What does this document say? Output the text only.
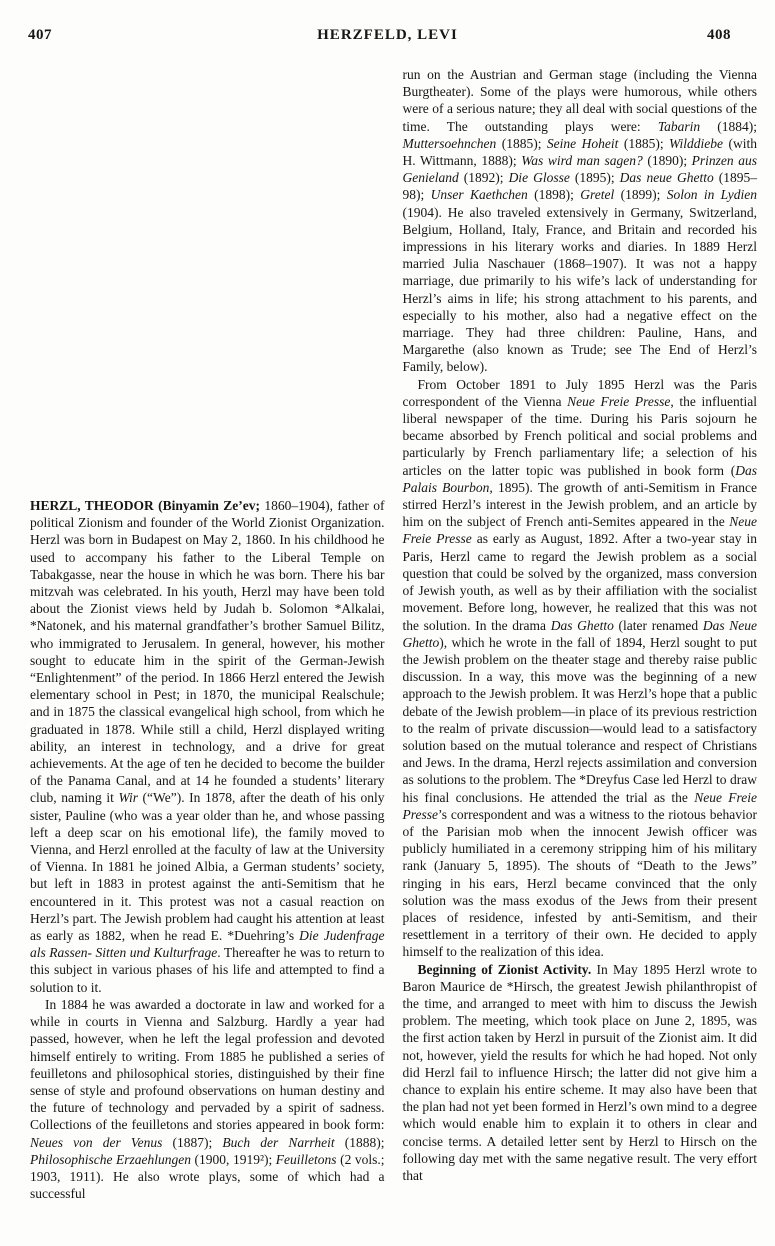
407	HERZFELD, LEVI	408

HERZL, THEODOR (Binyamin Ze’ev; 1860–1904), father of political Zionism and founder of the World Zionist Organization. Herzl was born in Budapest on May 2, 1860. In his childhood he used to accompany his father to the Liberal Temple on Tabakgasse, near the house in which he was born. There his bar mitzvah was celebrated. In his youth, Herzl may have been told about the Zionist views held by Judah b. Solomon *Alkalai, *Natonek, and his maternal grandfather’s brother Samuel Bilitz, who immigrated to Jerusalem. In general, however, his mother sought to educate him in the spirit of the German-Jewish “Enlightenment” of the period. In 1866 Herzl entered the Jewish elementary school in Pest; in 1870, the municipal Realschule; and in 1875 the classical evangelical high school, from which he graduated in 1878. While still a child, Herzl displayed writing ability, an interest in technology, and a drive for great achievements. At the age of ten he decided to become the builder of the Panama Canal, and at 14 he founded a students’ literary club, naming it Wir (“We”). In 1878, after the death of his only sister, Pauline (who was a year older than he, and whose passing left a deep scar on his emotional life), the family moved to Vienna, and Herzl enrolled at the faculty of law at the University of Vienna. In 1881 he joined Albia, a German students’ society, but left in 1883 in protest against the anti-Semitism that he encountered in it. This protest was not a casual reaction on Herzl’s part. The Jewish problem had caught his attention at least as early as 1882, when he read E. *Duehring’s Die Judenfrage als Rassen- Sitten und Kulturfrage. Thereafter he was to return to this subject in various phases of his life and attempted to find a solution to it.

In 1884 he was awarded a doctorate in law and worked for a while in courts in Vienna and Salzburg. Hardly a year had passed, however, when he left the legal profession and devoted himself entirely to writing. From 1885 he published a series of feuilletons and philosophical stories, distinguished by their fine sense of style and profound observations on human destiny and the future of technology and pervaded by a spirit of sadness. Collections of the feuilletons and stories appeared in book form: Neues von der Venus (1887); Buch der Narrheit (1888); Philosophische Erzaehlungen (1900, 1919²); Feuilletons (2 vols.; 1903, 1911). He also wrote plays, some of which had a successful

run on the Austrian and German stage (including the Vienna Burgtheater). Some of the plays were humorous, while others were of a serious nature; they all deal with social questions of the time. The outstanding plays were: Tabarin (1884); Muttersoehnchen (1885); Seine Hoheit (1885); Wilddiebe (with H. Wittmann, 1888); Was wird man sagen? (1890); Prinzen aus Genieland (1892); Die Glosse (1895); Das neue Ghetto (1895–98); Unser Kaethchen (1898); Gretel (1899); Solon in Lydien (1904). He also traveled extensively in Germany, Switzerland, Belgium, Holland, Italy, France, and Britain and recorded his impressions in his literary works and diaries. In 1889 Herzl married Julia Naschauer (1868–1907). It was not a happy marriage, due primarily to his wife’s lack of understanding for Herzl’s aims in life; his strong attachment to his parents, and especially to his mother, also had a negative effect on the marriage. They had three children: Pauline, Hans, and Margarethe (also known as Trude; see The End of Herzl’s Family, below).

From October 1891 to July 1895 Herzl was the Paris correspondent of the Vienna Neue Freie Presse, the influential liberal newspaper of the time. During his Paris sojourn he became absorbed by French political and social problems and particularly by French parliamentary life; a selection of his articles on the latter topic was published in book form (Das Palais Bourbon, 1895). The growth of anti-Semitism in France stirred Herzl’s interest in the Jewish problem, and an article by him on the subject of French anti-Semites appeared in the Neue Freie Presse as early as August, 1892. After a two-year stay in Paris, Herzl came to regard the Jewish problem as a social question that could be solved by the organized, mass conversion of Jewish youth, as well as by their affiliation with the socialist movement. Before long, however, he realized that this was not the solution. In the drama Das Ghetto (later renamed Das Neue Ghetto), which he wrote in the fall of 1894, Herzl sought to put the Jewish problem on the theater stage and thereby raise public discussion. In a way, this move was the beginning of a new approach to the Jewish problem. It was Herzl’s hope that a public debate of the Jewish problem—in place of its previous restriction to the realm of private discussion—would lead to a satisfactory solution based on the mutual tolerance and respect of Christians and Jews. In the drama, Herzl rejects assimilation and conversion as solutions to the problem. The *Dreyfus Case led Herzl to draw his final conclusions. He attended the trial as the Neue Freie Presse’s correspondent and was a witness to the riotous behavior of the Parisian mob when the innocent Jewish officer was publicly humiliated in a ceremony stripping him of his military rank (January 5, 1895). The shouts of “Death to the Jews” ringing in his ears, Herzl became convinced that the only solution was the mass exodus of the Jews from their present places of residence, infested by anti-Semitism, and their resettlement in a territory of their own. He decided to apply himself to the realization of this idea.

Beginning of Zionist Activity. In May 1895 Herzl wrote to Baron Maurice de *Hirsch, the greatest Jewish philanthropist of the time, and arranged to meet with him to discuss the Jewish problem. The meeting, which took place on June 2, 1895, was the first action taken by Herzl in pursuit of the Zionist aim. It did not, however, yield the results for which he had hoped. Not only did Herzl fail to influence Hirsch; the latter did not give him a chance to explain his entire scheme. It may also have been that the plan had not yet been formed in Herzl’s own mind to a degree which would enable him to explain it to others in clear and concise terms. A detailed letter sent by Herzl to Hirsch on the following day met with the same negative result. The very effort that
